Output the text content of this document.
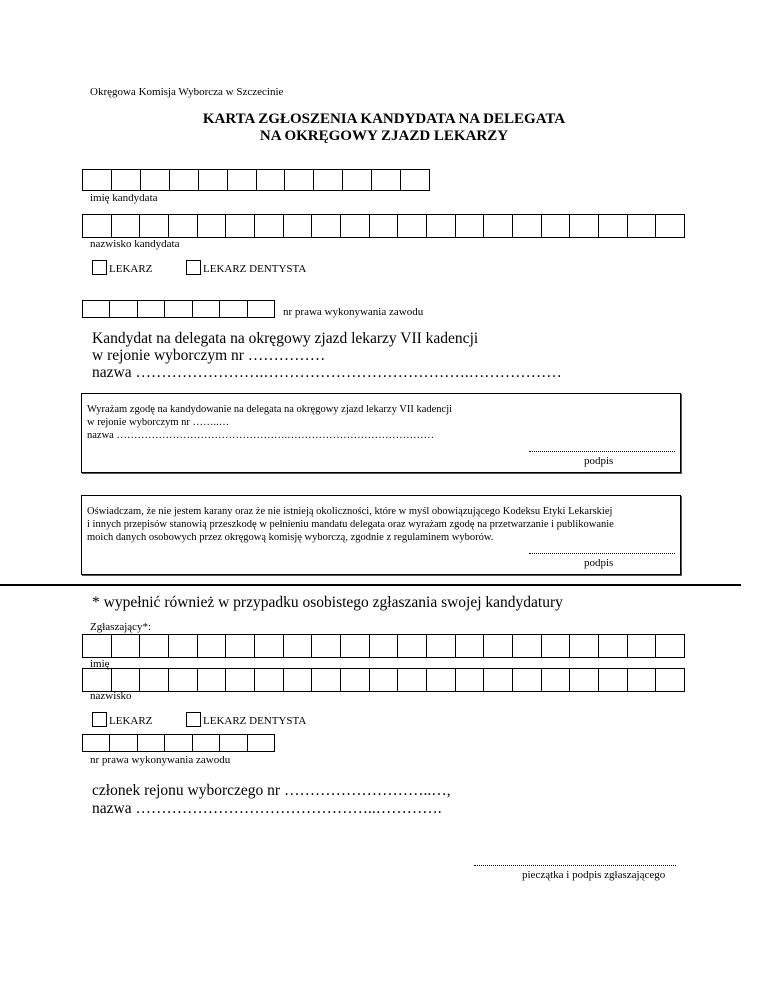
Okręgowa Komisja Wyborcza w Szczecinie
KARTA ZGŁOSZENIA KANDYDATA NA DELEGATA
NA OKRĘGOWY ZJAZD LEKARZY
imię kandydata
nazwisko kandydata
LEKARZ	LEKARZ DENTYSTA
nr prawa wykonywania zawodu
Kandydat na delegata na okręgowy zjazd lekarzy VII kadencji
w rejonie wyborczym nr ……………
nazwa …………………….………………………………….………………
Wyrażam zgodę na kandydowanie na delegata na okręgowy zjazd lekarzy VII kadencji
w rejonie wyborczym nr ……..…
nazwa ………………………………………….……………………………………
podpis
Oświadczam, że nie jestem karany oraz że nie istnieją okoliczności, które w myśl obowiązującego Kodeksu Etyki Lekarskiej
i innych przepisów stanowią przeszkodę w pełnieniu mandatu delegata oraz wyrażam zgodę na przetwarzanie i publikowanie
moich danych osobowych przez okręgową komisję wyborczą, zgodnie z regulaminem wyborów.
podpis
* wypełnić również w przypadku osobistego zgłaszania swojej kandydatury
Zgłaszający*:
imię
nazwisko
LEKARZ	LEKARZ DENTYSTA
nr prawa wykonywania zawodu
członek rejonu wyborczego nr ………………………..…,
nazwa ………………………………………..………….
pieczątka i podpis zgłaszającego
